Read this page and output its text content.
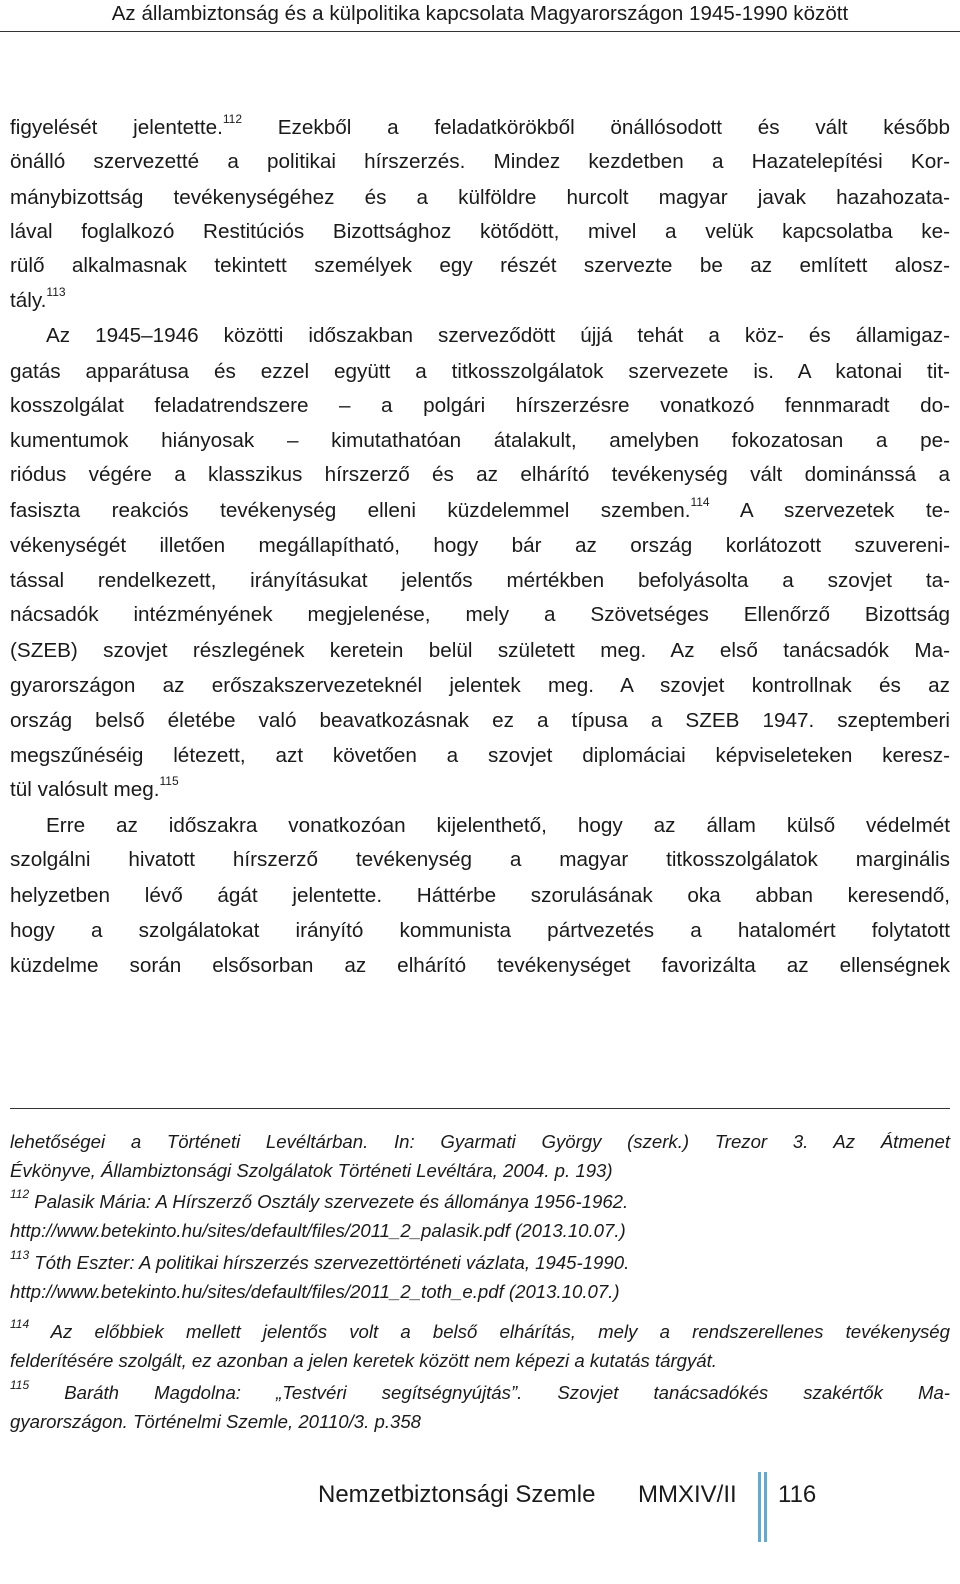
Az állambiztonság és a külpolitika kapcsolata Magyarországon 1945-1990 között
figyelését jelentette.$^{112}$ Ezekből a feladatkörökből önállósodott és vált később
önálló szervezetté a politikai hírszerzés. Mindez kezdetben a Hazatelepítési Kor-
mánybizottság tevékenységéhez és a külföldre hurcolt magyar javak hazahozata-
lával foglalkozó Restitúciós Bizottsághoz kötődött, mivel a velük kapcsolatba ke-
rülő alkalmasnak tekintett személyek egy részét szervezte be az említett alosz-
tály.$^{113}$
Az 1945–1946 közötti időszakban szerveződött újjá tehát a köz- és államigaz-
gatás apparátusa és ezzel együtt a titkosszolgálatok szervezete is. A katonai tit-
kosszolgálat feladatrendszere – a polgári hírszerzésre vonatkozó fennmaradt do-
kumentumok hiányosak – kimutathatóan átalakult, amelyben fokozatosan a pe-
riódus végére a klasszikus hírszerző és az elhárító tevékenység vált dominánssá a
fasiszta reakciós tevékenység elleni küzdelemmel szemben.$^{114}$ A szervezetek te-
vékenységét illetően megállapítható, hogy bár az ország korlátozott szuvereni-
tással rendelkezett, irányításukat jelentős mértékben befolyásolta a szovjet ta-
nácsadók intézményének megjelenése, mely a Szövetséges Ellenőrző Bizottság
(SZEB) szovjet részlegének keretein belül született meg. Az első tanácsadók Ma-
gyarországon az erőszakszervezeteknél jelentek meg. A szovjet kontrollnak és az
ország belső életébe való beavatkozásnak ez a típusa a SZEB 1947. szeptemberi
megszűnéséig létezett, azt követően a szovjet diplomáciai képviseleteken keresz-
tül valósult meg.$^{115}$
Erre az időszakra vonatkozóan kijelenthető, hogy az állam külső védelmét
szolgálni hivatott hírszerző tevékenység a magyar titkosszolgálatok marginális
helyzetben lévő ágát jelentette. Háttérbe szorulásának oka abban keresendő,
hogy a szolgálatokat irányító kommunista pártvezetés a hatalomért folytatott
küzdelme során elsősorban az elhárító tevékenységet favorizálta az ellenségnek
lehetőségei a Történeti Levéltárban. In: Gyarmati György (szerk.) Trezor 3. Az Átmenet
Évkönyve, Állambiztonsági Szolgálatok Történeti Levéltára, 2004. p. 193)
$^{112}$ Palasik Mária: A Hírszerző Osztály szervezete és állománya 1956-1962.
http://www.betekinto.hu/sites/default/files/2011_2_palasik.pdf (2013.10.07.)
$^{113}$ Tóth Eszter: A politikai hírszerzés szervezettörténeti vázlata, 1945-1990.
http://www.betekinto.hu/sites/default/files/2011_2_toth_e.pdf (2013.10.07.)
$^{114}$ Az előbbiek mellett jelentős volt a belső elhárítás, mely a rendszerellenes tevékenység
felderítésére szolgált, ez azonban a jelen keretek között nem képezi a kutatás tárgyát.
$^{115}$ Baráth Magdolna: „Testvéri segítségnyújtás”. Szovjet tanácsadókés szakértők Ma-
gyarországon. Történelmi Szemle, 20110/3. p.358
Nemzetbiztonsági Szemle MMXIV/II 116
